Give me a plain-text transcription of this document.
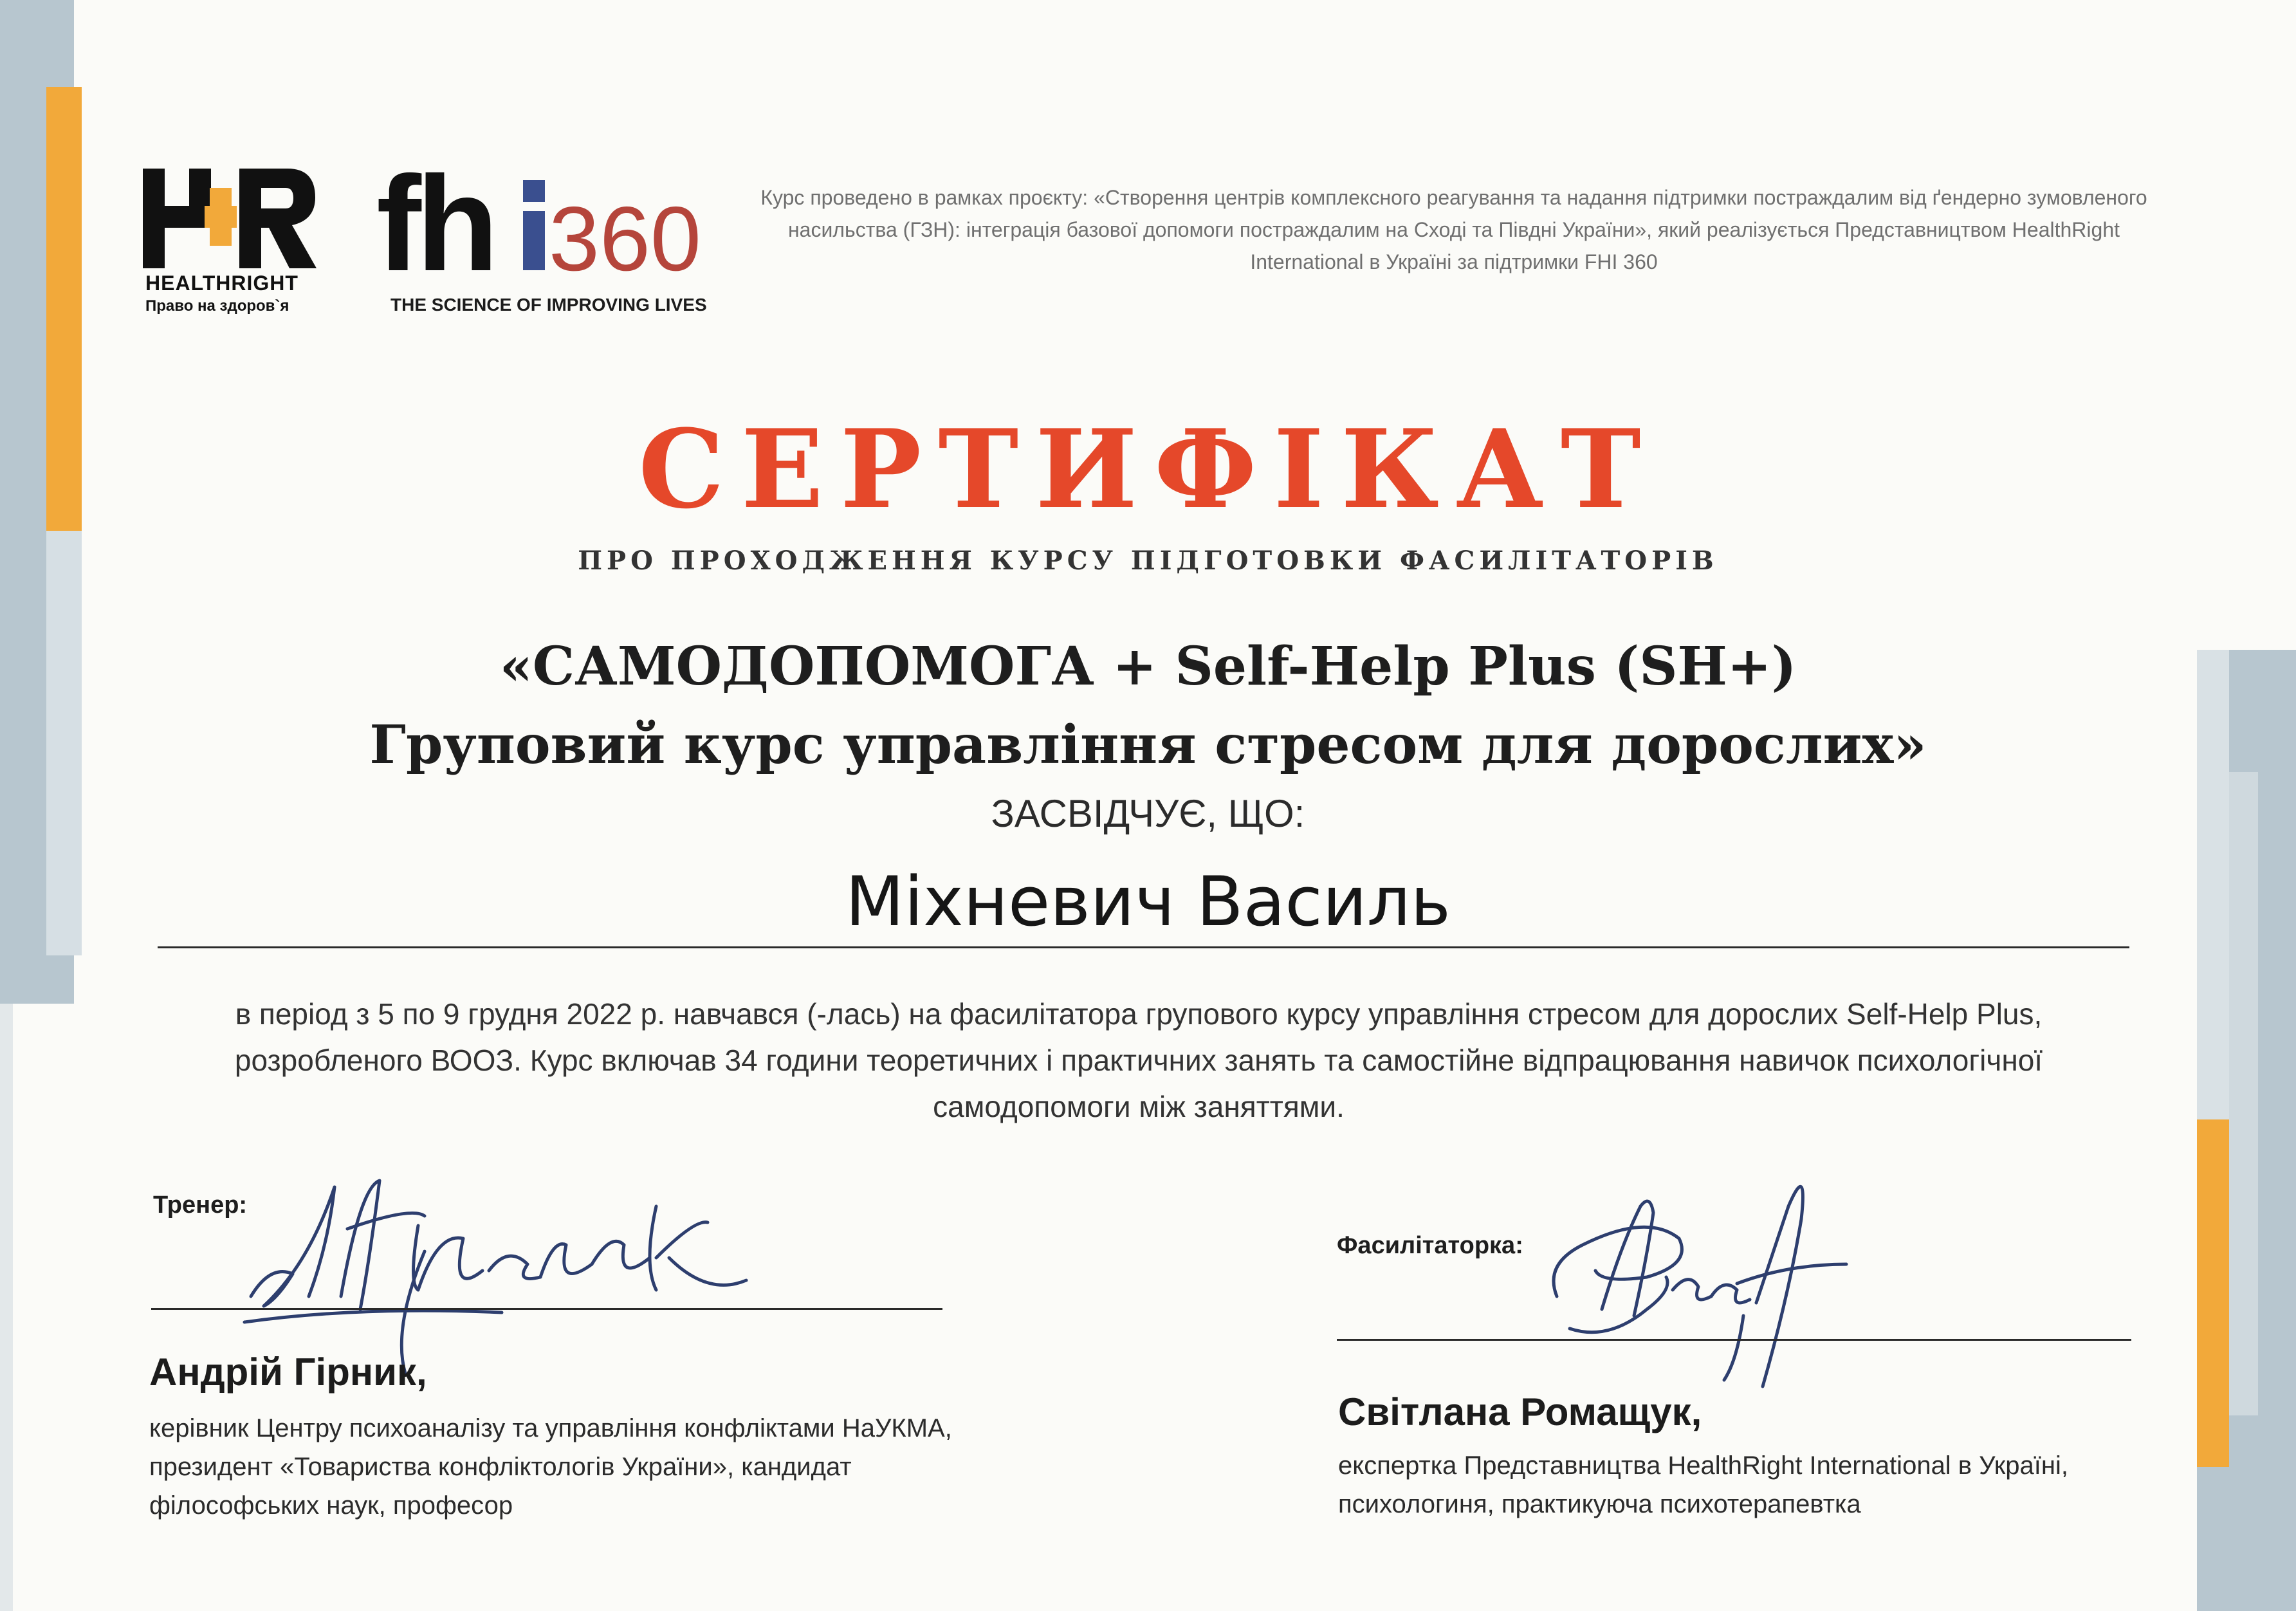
HEALTHRIGHT
Право на здоров`я
fh 360
THE SCIENCE OF IMPROVING LIVES
Курс проведено в рамках проєкту: «Створення центрів комплексного реагування та надання підтримки постраждалим від ґендерно зумовленого насильства (ГЗН): інтеграція базової допомоги постраждалим на Сході та Півдні України», який реалізується Представництвом HealthRight International в Україні за підтримки FHI 360
СЕРТИФІКАТ
ПРО ПРОХОДЖЕННЯ КУРСУ ПІДГОТОВКИ ФАСИЛІТАТОРІВ
«САМОДОПОМОГА + Self-Help Plus (SH+)
Груповий курс управління стресом для дорослих»
ЗАСВІДЧУЄ, ЩО:
Міхневич Василь
в період з 5 по 9 грудня 2022 р. навчався (-лась) на фасилітатора групового курсу управління стресом для дорослих Self-Help Plus, розробленого ВООЗ. Курс включав 34 години теоретичних і практичних занять та самостійне відпрацювання навичок психологічної самодопомоги між заняттями.
Тренер:
Андрій Гірник,
керівник Центру психоаналізу та управління конфліктами НаУКМА, президент «Товариства конфліктологів України», кандидат філософських наук, професор
Фасилітаторка:
Світлана Ромащук,
експертка Представництва HealthRight International в Україні, психологиня, практикуюча психотерапевтка
